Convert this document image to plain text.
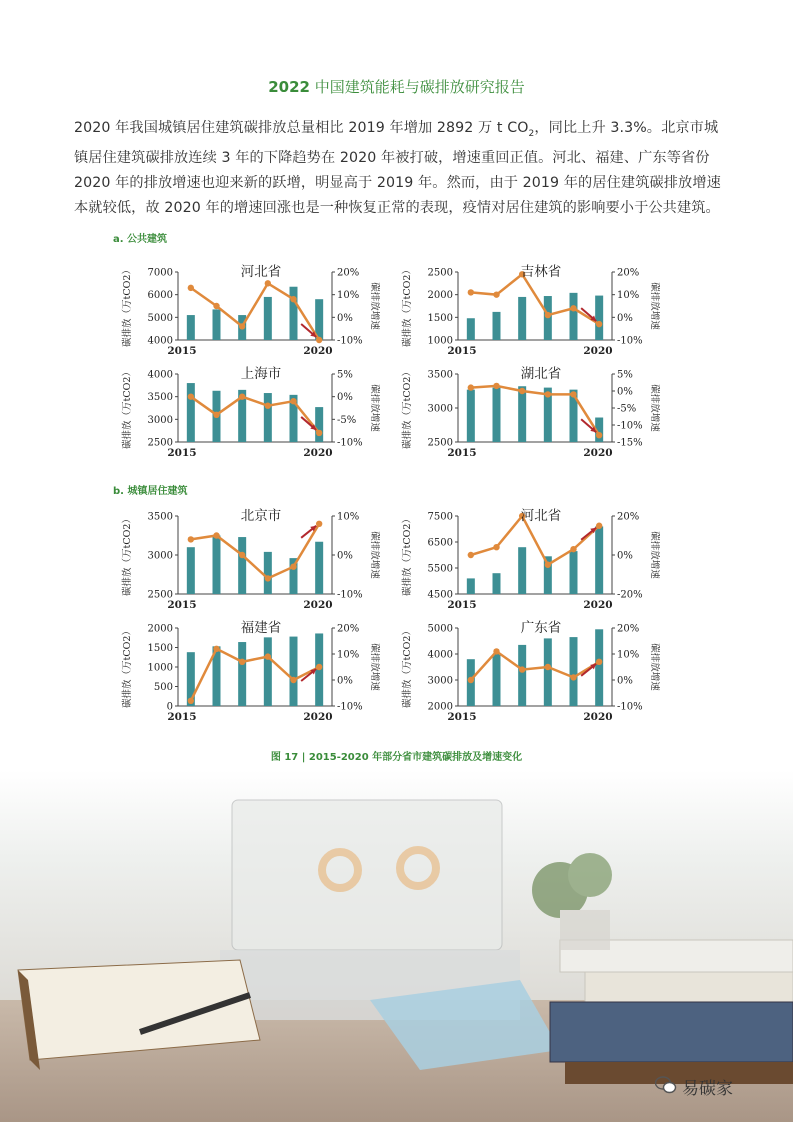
2022 中国建筑能耗与碳排放研究报告
2020 年我国城镇居住建筑碳排放总量相比 2019 年增加 2892 万 t $CO_2$，同比上升 3.3%。北京市城镇居住建筑碳排放连续 3 年的下降趋势在 2020 年被打破，增速重回正值。河北、福建、广东等省份 2020 年的排放增速也迎来新的跃增，明显高于 2019 年。然而，由于 2019 年的居住建筑碳排放增速本就较低，故 2020 年的增速回涨也是一种恢复正常的表现，疫情对居住建筑的影响要小于公共建筑。
a. 公共建筑
b. 城镇居住建筑
7000
6000
5000
4000
20%
10%
0%
-10%
河北省
2015	2020
碳排放（万tCO2）	碳排放增速
2500
2000
1500
1000
20%
10%
0%
-10%
吉林省
2015	2020
碳排放（万tCO2）	碳排放增速
4000
3500
3000
2500
5%
0%
-5%
-10%
上海市
2015	2020
碳排放（万tCO2）	碳排放增速
3500
3000
2500
5%
0%
-5%
-10%
-15%
湖北省
2015	2020
碳排放（万tCO2）	碳排放增速
3500
3000
2500
10%
0%
-10%
北京市
2015	2020
碳排放（万tCO2）	碳排放增速
7500
6500
5500
4500
20%
0%
-20%
河北省
2015	2020
碳排放（万tCO2）	碳排放增速
2000
1500
1000
500
0
20%
10%
0%
-10%
福建省
2015	2020
碳排放（万tCO2）	碳排放增速
5000
4000
3000
2000
20%
10%
0%
-10%
广东省
2015	2020
碳排放（万tCO2）	碳排放增速
图 17 | 2015-2020 年部分省市建筑碳排放及增速变化
易碳家
